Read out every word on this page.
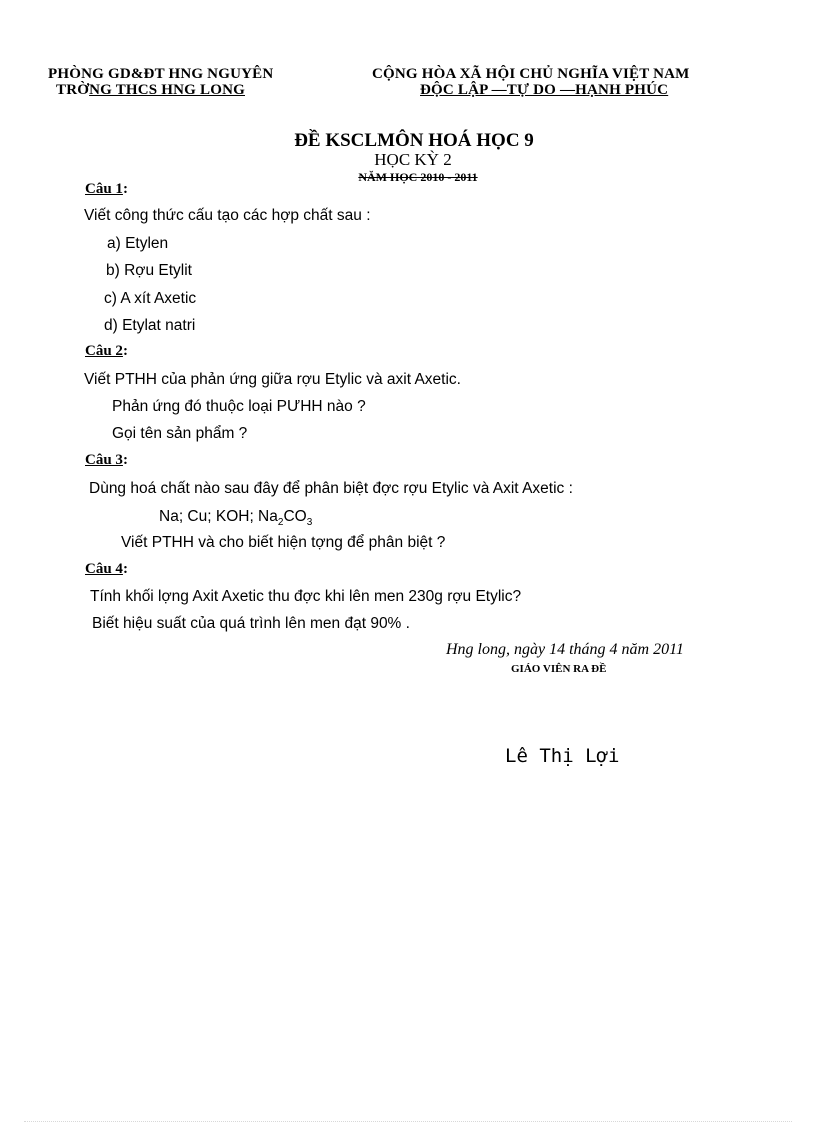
PHÒNG GD&ĐT HNG NGUYÊN
TRỜNG THCS HNG LONG
CỘNG HÒA XÃ HỘI CHỦ NGHĨA VIỆT NAM
ĐỘC LẬP —TỰ DO —HẠNH PHÚC
ĐỀ KSCLMÔN HOÁ HỌC 9
HỌC KỲ 2
NĂM HỌC 2010 - 2011
Câu 1:
Viết công thức cấu tạo các hợp chất sau :
a) Etylen
b) Rợu Etylit
c) A xít Axetic
d) Etylat natri
Câu 2:
Viết PTHH của phản ứng giữa rợu Etylic và axit Axetic.
Phản ứng đó thuộc loại PƯHH nào ?
Gọi tên sản phẩm ?
Câu 3:
Dùng hoá chất nào sau đây để phân biệt đợc rợu Etylic và Axit Axetic :
Na; Cu; KOH; $Na_2CO_3$
Viết PTHH và cho biết hiện tợng để phân biệt ?
Câu 4:
Tính khối lợng Axit Axetic thu đợc khi lên men 230g rợu Etylic?
Biết hiệu suất của quá trình lên men đạt 90% .
Hng long, ngày 14 tháng 4 năm 2011
GIÁO VIÊN RA ĐỀ
Lê Thị Lợi
